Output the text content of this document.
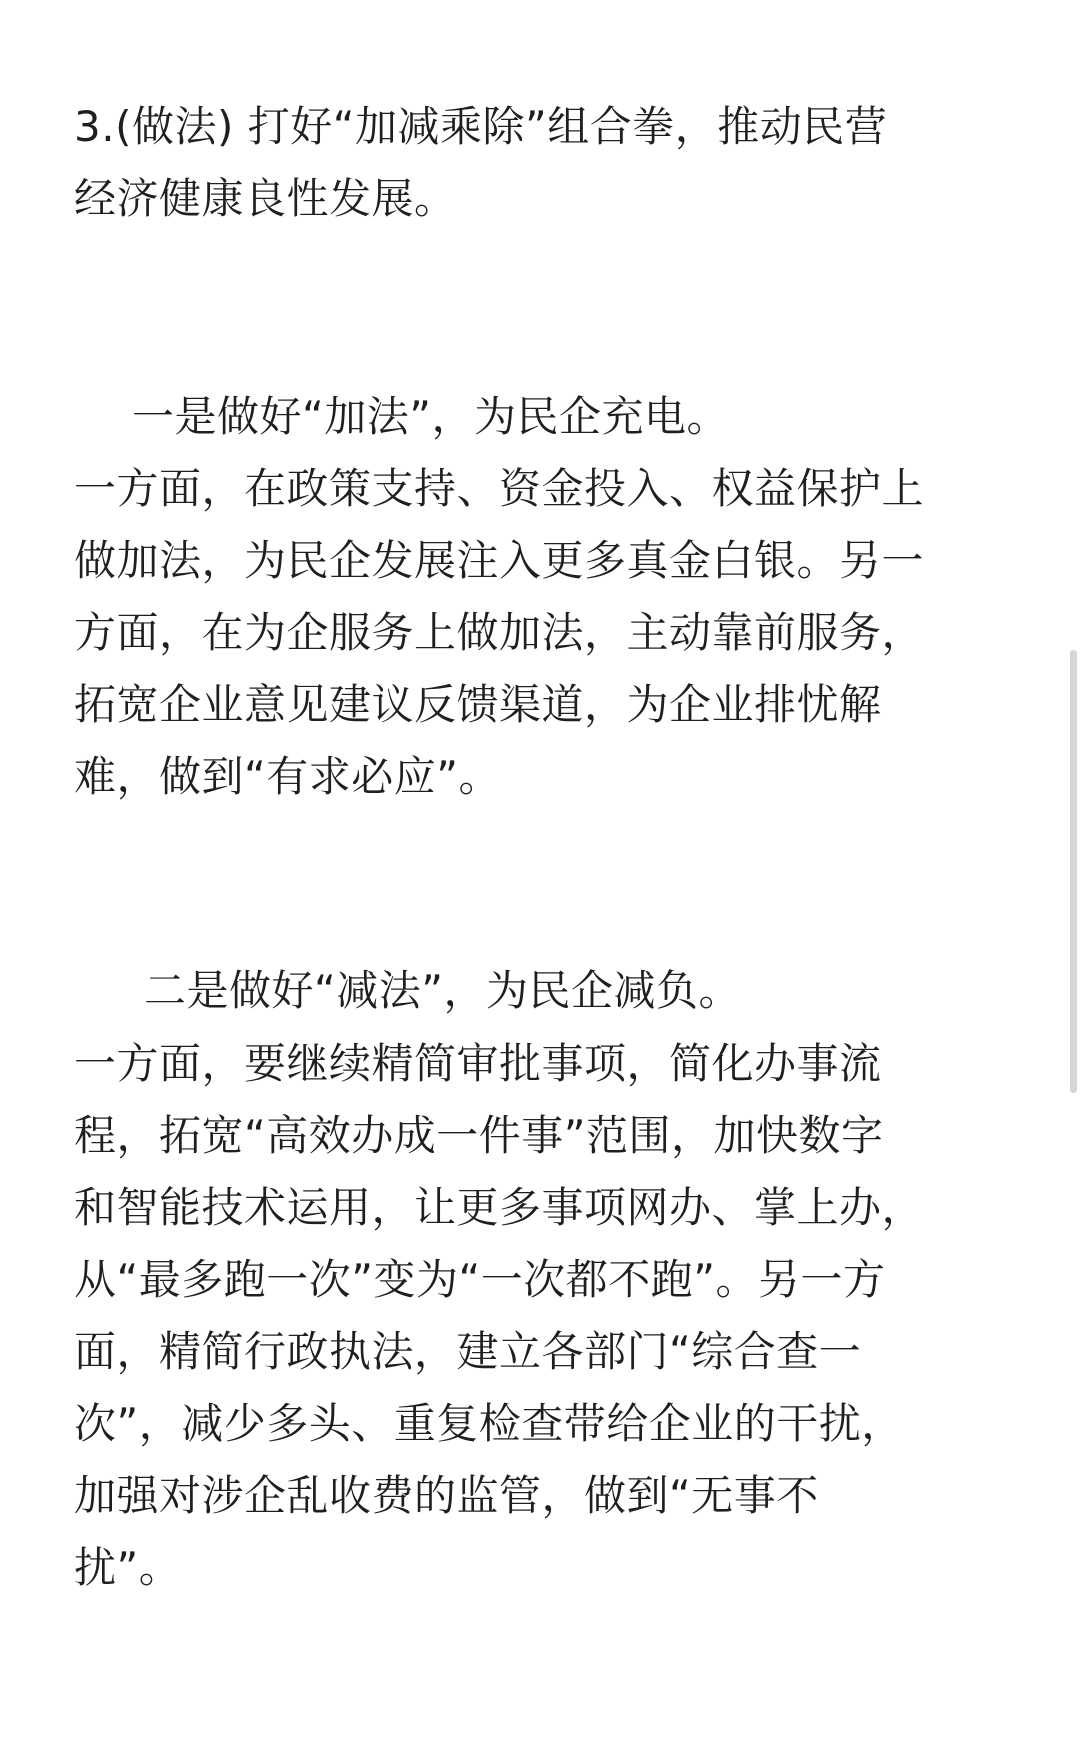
3.(做法) 打好“加减乘除”组合拳，推动民营
经济健康良性发展。

一是做好“加法”，为民企充电。

一方面，在政策支持、资金投入、权益保护上
做加法，为民企发展注入更多真金白银。另一
方面，在为企服务上做加法，主动靠前服务，
拓宽企业意见建议反馈渠道，为企业排忧解
难，做到“有求必应”。

二是做好“减法”，为民企减负。

一方面，要继续精简审批事项，简化办事流
程，拓宽“高效办成一件事”范围，加快数字
和智能技术运用，让更多事项网办、掌上办，
从“最多跑一次”变为“一次都不跑”。另一方
面，精简行政执法，建立各部门“综合查一
次”，减少多头、重复检查带给企业的干扰，
加强对涉企乱收费的监管，做到“无事不
扰”。
